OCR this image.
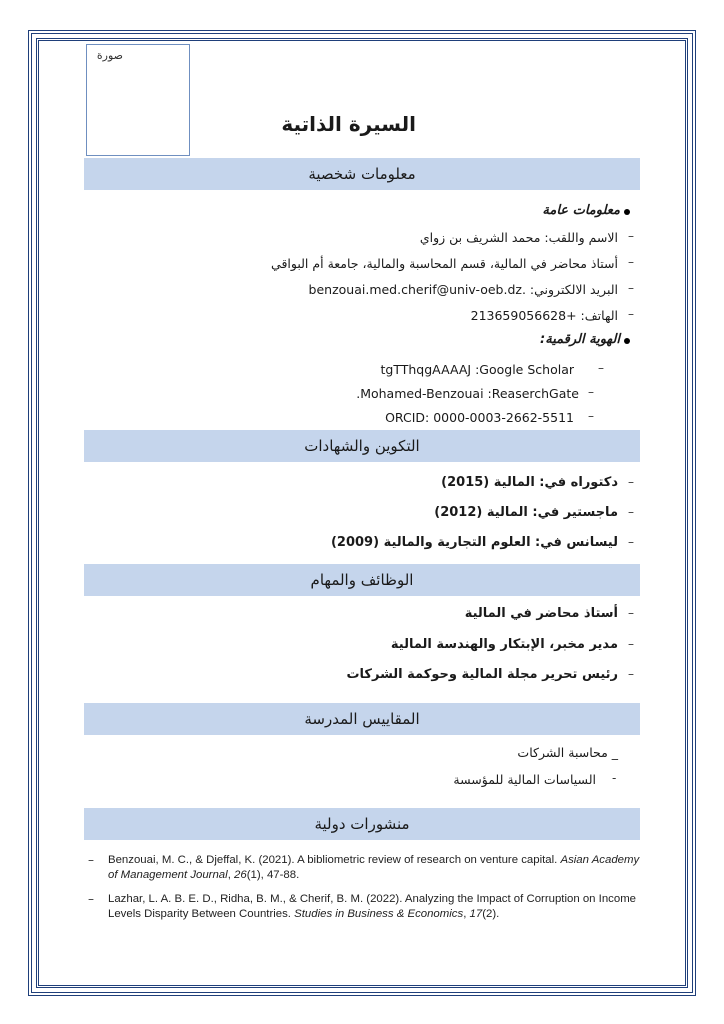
صورة
السيرة الذاتية
معلومات شخصية
معلومات عامة
–
الاسم واللقب: محمد الشريف بن زواي
–
أستاذ محاضر في المالية، قسم المحاسبة والمالية، جامعة أم البواقي
–
البريد الالكتروني: .benzouai.med.cherif@univ-oeb.dz
–
الهاتف: +213659056628
الهوية الرقمية:
–
tgTThqgAAAAJ :Google Scholar
–
Mohamed-Benzouai :ReaserchGate.
–
0000-0003-2662-5511 :ORCID
التكوين والشهادات
–
دكتوراه في: المالية (2015)
–
ماجستير في: المالية (2012)
–
ليسانس في: العلوم التجارية والمالية (2009)
الوظائف والمهام
–
أستاذ محاضر في المالية
–
مدير مخبر، الإبتكار والهندسة المالية
–
رئيس تحرير مجلة المالية وحوكمة الشركات
المقاييس المدرسة
_ محاسبة الشركات
-
السياسات المالية للمؤسسة
منشورات دولية
– Benzouai, M. C., & Djeffal, K. (2021). A bibliometric review of research on venture capital. Asian Academy of Management Journal, 26(1), 47-88.
– Lazhar, L. A. B. E. D., Ridha, B. M., & Cherif, B. M. (2022). Analyzing the Impact of Corruption on Income Levels Disparity Between Countries. Studies in Business & Economics, 17(2).
